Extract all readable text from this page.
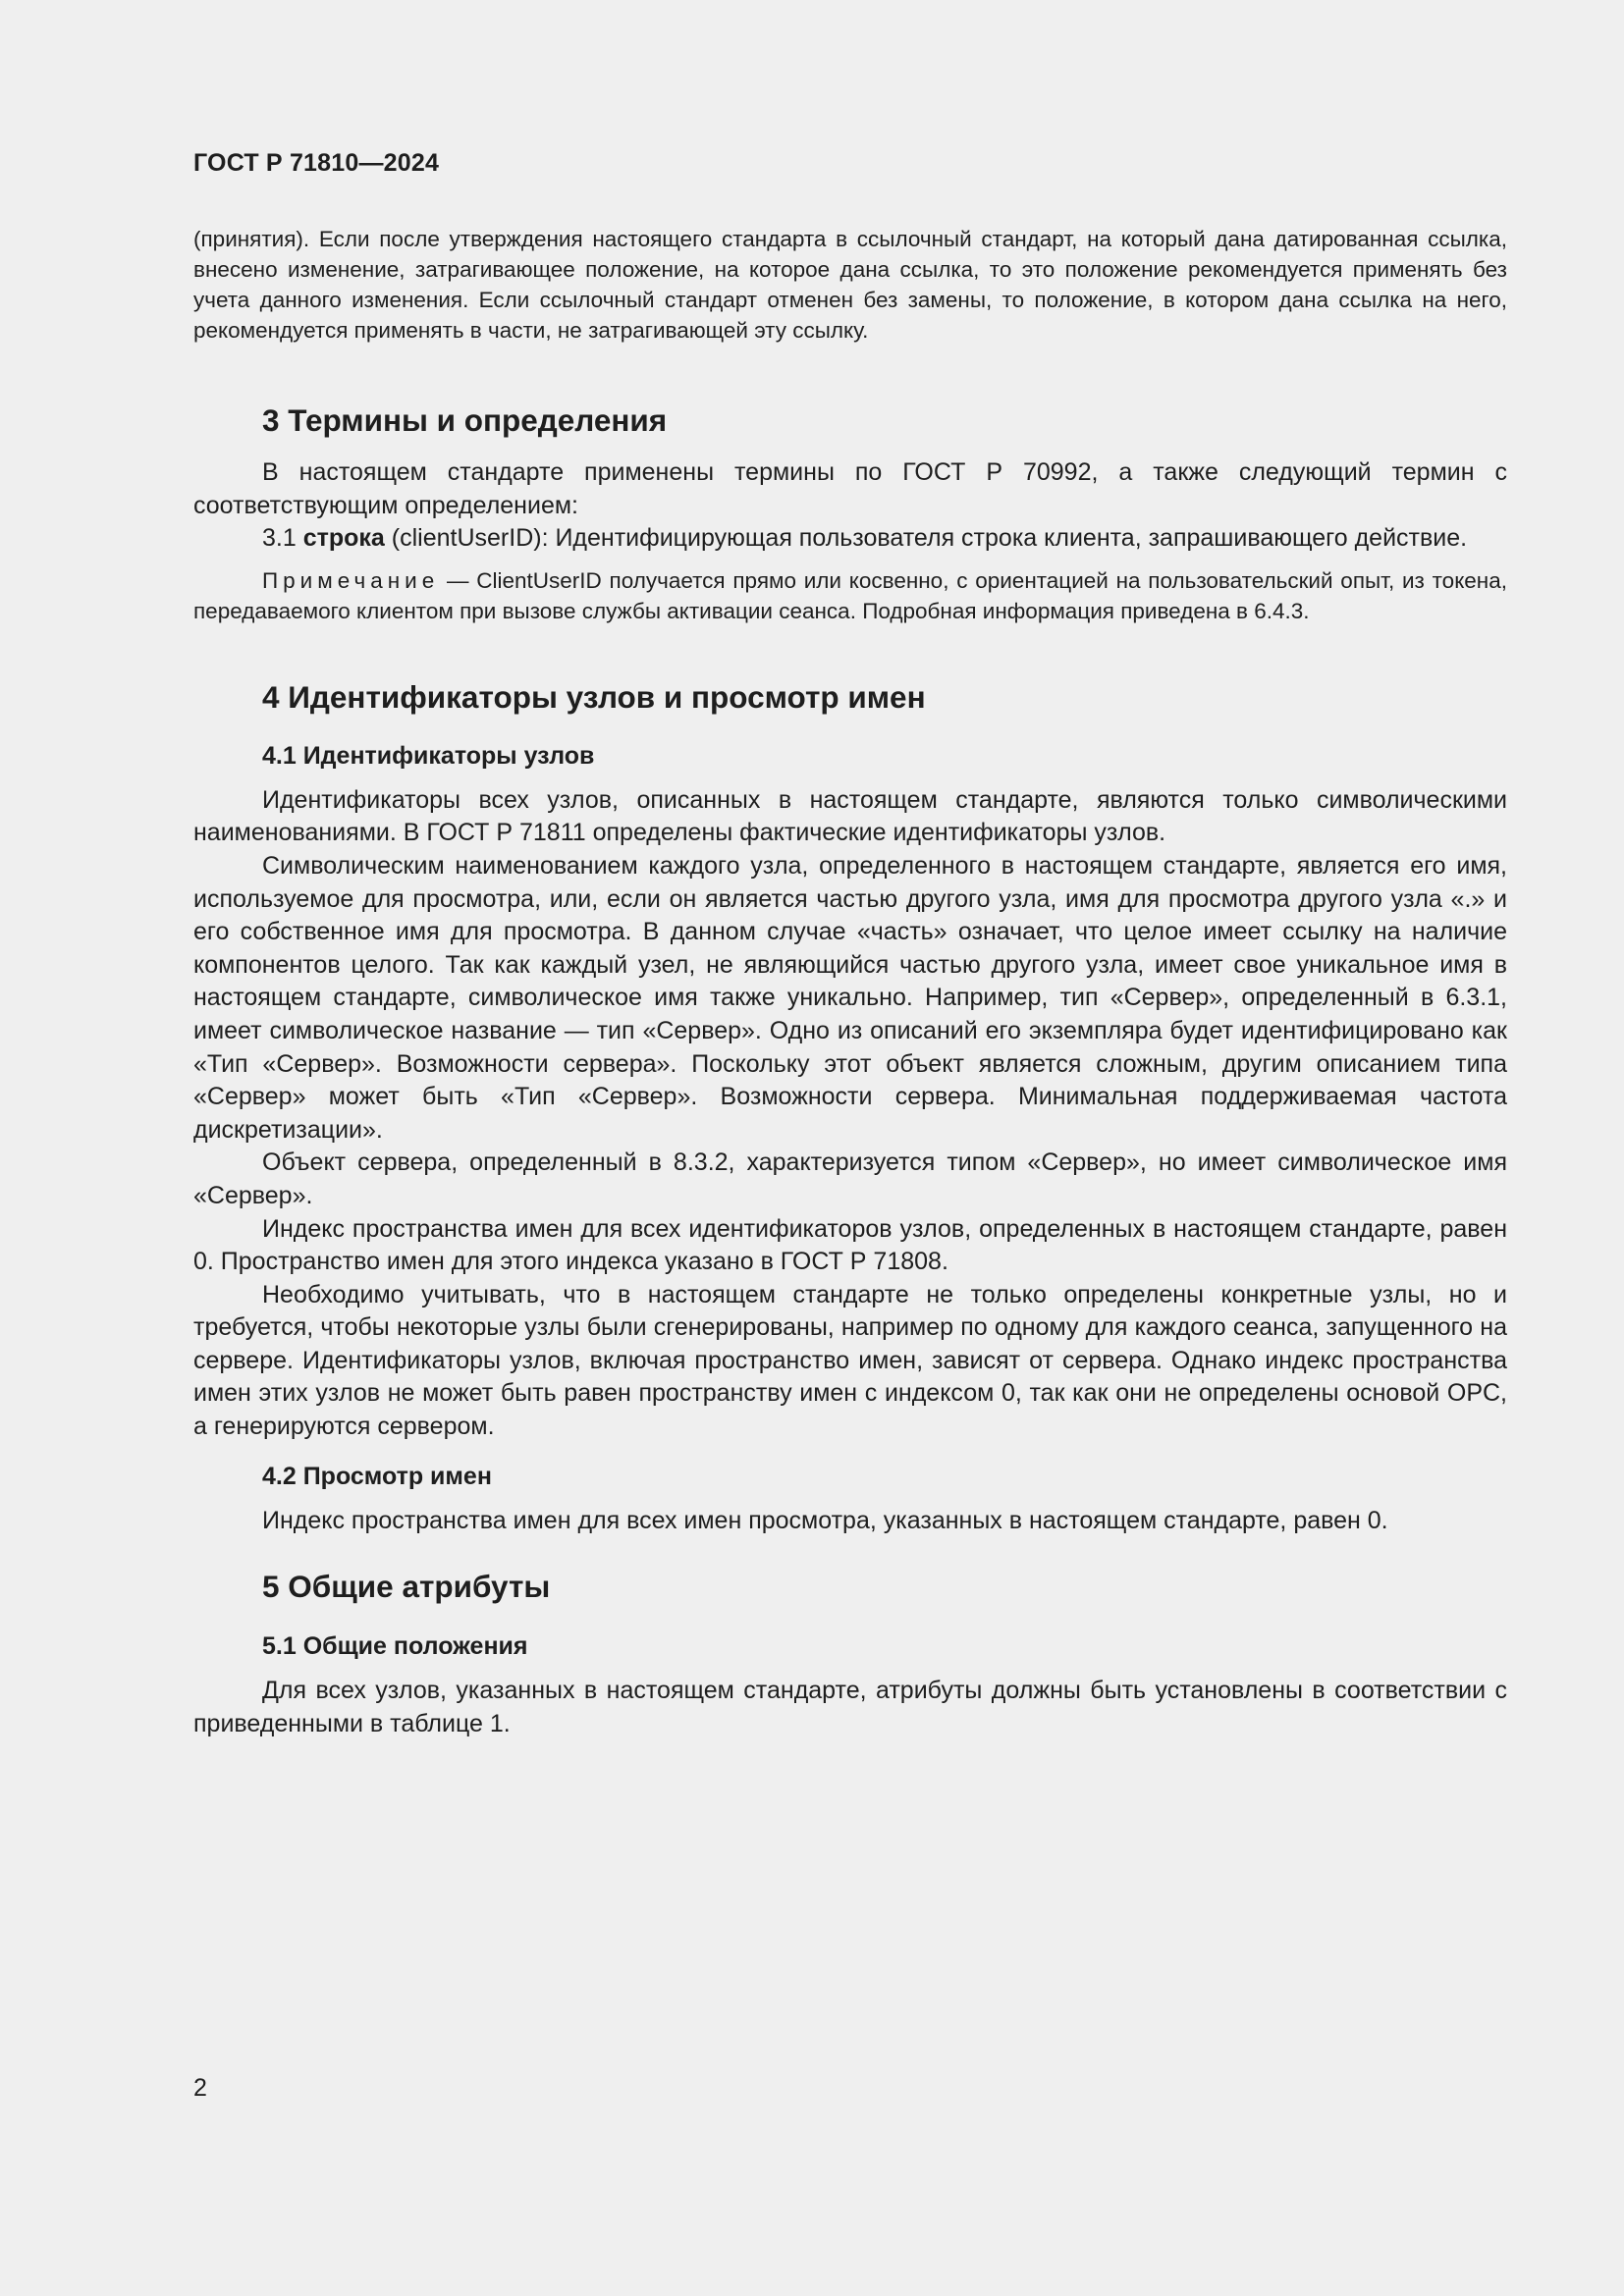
ГОСТ Р 71810—2024

(принятия). Если после утверждения настоящего стандарта в ссылочный стандарт, на который дана датированная ссылка, внесено изменение, затрагивающее положение, на которое дана ссылка, то это положение рекомендуется применять без учета данного изменения. Если ссылочный стандарт отменен без замены, то положение, в котором дана ссылка на него, рекомендуется применять в части, не затрагивающей эту ссылку.

3 Термины и определения

В настоящем стандарте применены термины по ГОСТ Р 70992, а также следующий термин с соответствующим определением:

3.1 строка (clientUserID): Идентифицирующая пользователя строка клиента, запрашивающего действие.

Примечание — ClientUserID получается прямо или косвенно, с ориентацией на пользовательский опыт, из токена, передаваемого клиентом при вызове службы активации сеанса. Подробная информация приведена в 6.4.3.

4 Идентификаторы узлов и просмотр имен
4.1 Идентификаторы узлов

Идентификаторы всех узлов, описанных в настоящем стандарте, являются только символическими наименованиями. В ГОСТ Р 71811 определены фактические идентификаторы узлов.

Символическим наименованием каждого узла, определенного в настоящем стандарте, является его имя, используемое для просмотра, или, если он является частью другого узла, имя для просмотра другого узла «.» и его собственное имя для просмотра. В данном случае «часть» означает, что целое имеет ссылку на наличие компонентов целого. Так как каждый узел, не являющийся частью другого узла, имеет свое уникальное имя в настоящем стандарте, символическое имя также уникально. Например, тип «Сервер», определенный в 6.3.1, имеет символическое название — тип «Сервер». Одно из описаний его экземпляра будет идентифицировано как «Тип «Сервер». Возможности сервера». Поскольку этот объект является сложным, другим описанием типа «Сервер» может быть «Тип «Сервер». Возможности сервера. Минимальная поддерживаемая частота дискретизации».

Объект сервера, определенный в 8.3.2, характеризуется типом «Сервер», но имеет символическое имя «Сервер».

Индекс пространства имен для всех идентификаторов узлов, определенных в настоящем стандарте, равен 0. Пространство имен для этого индекса указано в ГОСТ Р 71808.

Необходимо учитывать, что в настоящем стандарте не только определены конкретные узлы, но и требуется, чтобы некоторые узлы были сгенерированы, например по одному для каждого сеанса, запущенного на сервере. Идентификаторы узлов, включая пространство имен, зависят от сервера. Однако индекс пространства имен этих узлов не может быть равен пространству имен с индексом 0, так как они не определены основой OPC, а генерируются сервером.

4.2 Просмотр имен

Индекс пространства имен для всех имен просмотра, указанных в настоящем стандарте, равен 0.

5 Общие атрибуты
5.1 Общие положения

Для всех узлов, указанных в настоящем стандарте, атрибуты должны быть установлены в соответствии с приведенными в таблице 1.

2
